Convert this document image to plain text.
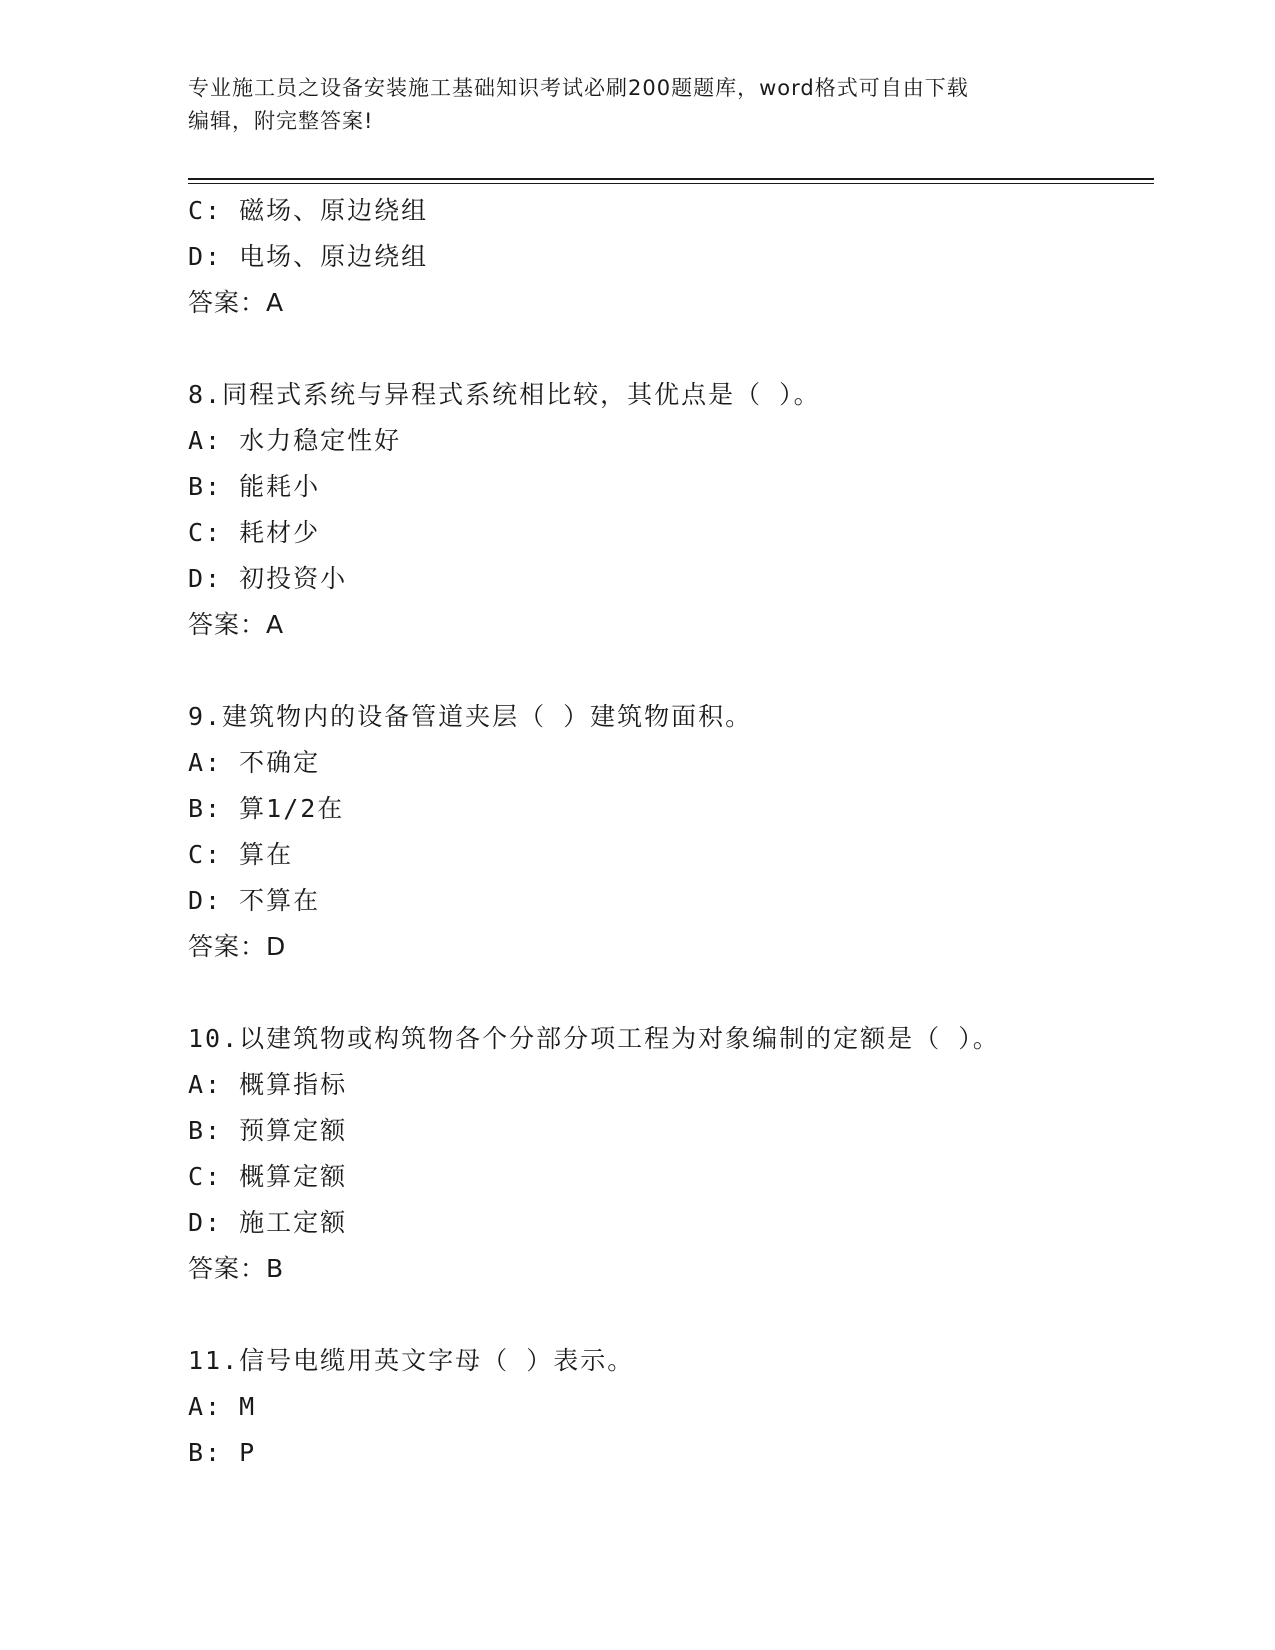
专业施工员之设备安装施工基础知识考试必刷200题题库，word格式可自由下载
编辑，附完整答案!
C: 磁场、原边绕组
D: 电场、原边绕组
答案：A
8.同程式系统与异程式系统相比较，其优点是（ ）。
A: 水力稳定性好
B: 能耗小
C: 耗材少
D: 初投资小
答案：A
9.建筑物内的设备管道夹层（ ）建筑物面积。
A: 不确定
B: 算1/2在
C: 算在
D: 不算在
答案：D
10.以建筑物或构筑物各个分部分项工程为对象编制的定额是（ ）。
A: 概算指标
B: 预算定额
C: 概算定额
D: 施工定额
答案：B
11.信号电缆用英文字母（ ）表示。
A: M
B: P
